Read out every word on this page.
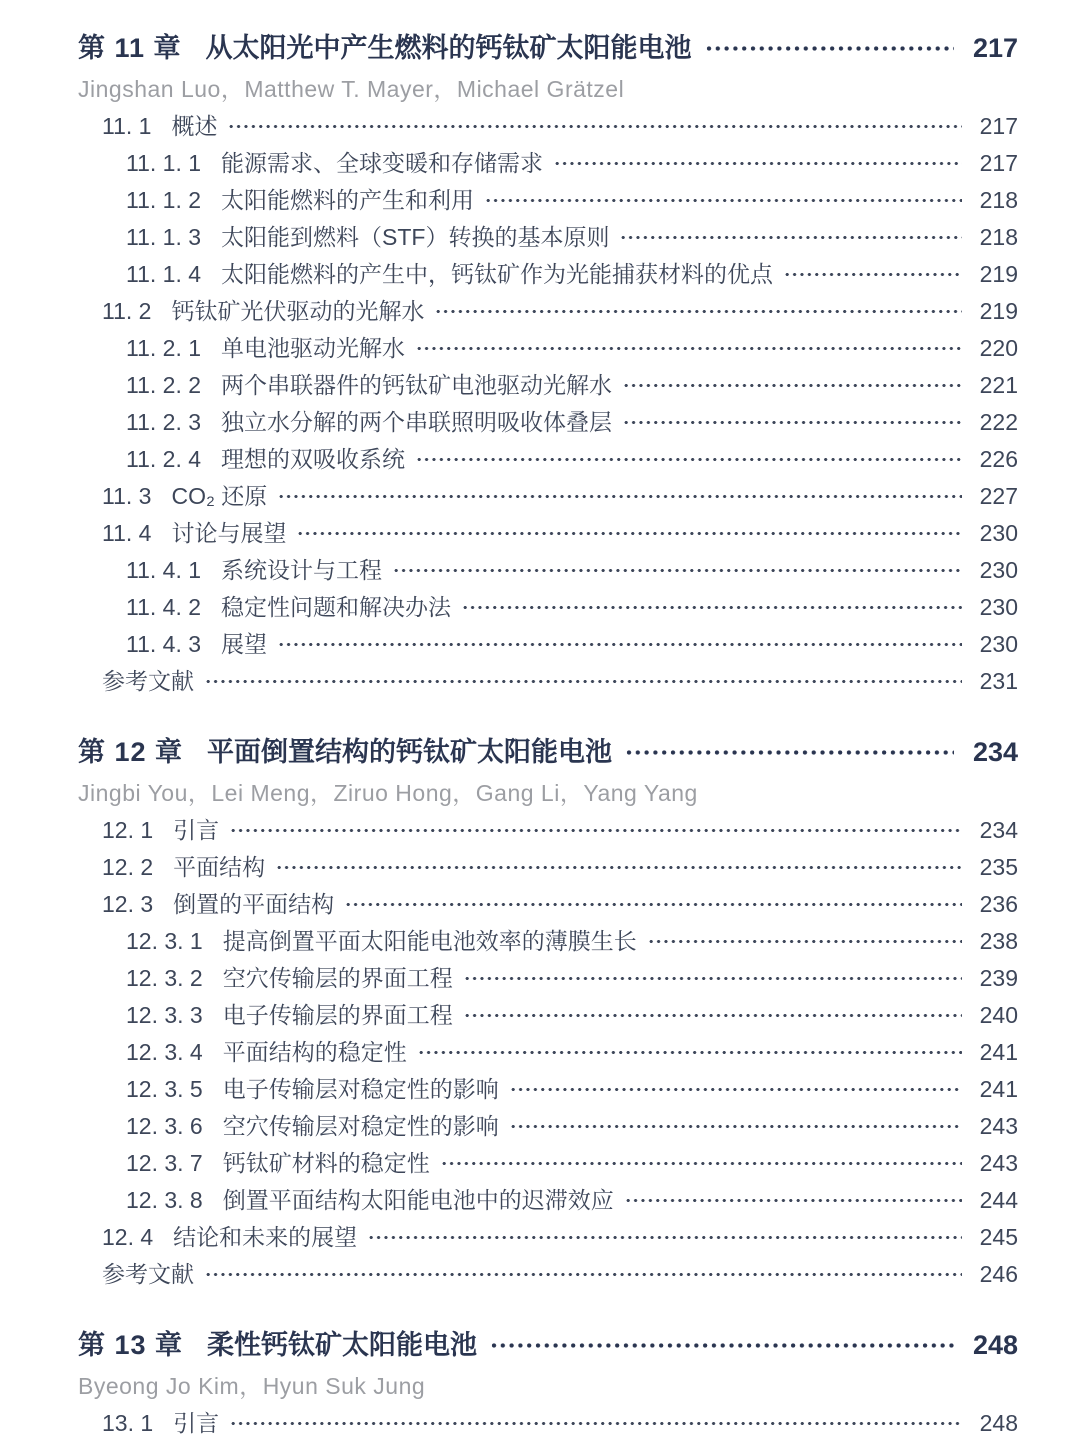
第 11 章 从太阳光中产生燃料的钙钛矿太阳能电池	217
Jingshan Luo，Matthew T. Mayer，Michael Grätzel
11. 1 概述	217
11. 1. 1 能源需求、全球变暖和存储需求	217
11. 1. 2 太阳能燃料的产生和利用	218
11. 1. 3 太阳能到燃料（STF）转换的基本原则	218
11. 1. 4 太阳能燃料的产生中，钙钛矿作为光能捕获材料的优点	219
11. 2 钙钛矿光伏驱动的光解水	219
11. 2. 1 单电池驱动光解水	220
11. 2. 2 两个串联器件的钙钛矿电池驱动光解水	221
11. 2. 3 独立水分解的两个串联照明吸收体叠层	222
11. 2. 4 理想的双吸收系统	226
11. 3 CO₂ 还原	227
11. 4 讨论与展望	230
11. 4. 1 系统设计与工程	230
11. 4. 2 稳定性问题和解决办法	230
11. 4. 3 展望	230
参考文献	231
第 12 章 平面倒置结构的钙钛矿太阳能电池	234
Jingbi You，Lei Meng，Ziruo Hong，Gang Li，Yang Yang
12. 1 引言	234
12. 2 平面结构	235
12. 3 倒置的平面结构	236
12. 3. 1 提高倒置平面太阳能电池效率的薄膜生长	238
12. 3. 2 空穴传输层的界面工程	239
12. 3. 3 电子传输层的界面工程	240
12. 3. 4 平面结构的稳定性	241
12. 3. 5 电子传输层对稳定性的影响	241
12. 3. 6 空穴传输层对稳定性的影响	243
12. 3. 7 钙钛矿材料的稳定性	243
12. 3. 8 倒置平面结构太阳能电池中的迟滞效应	244
12. 4 结论和未来的展望	245
参考文献	246
第 13 章 柔性钙钛矿太阳能电池	248
Byeong Jo Kim，Hyun Suk Jung
13. 1 引言	248
